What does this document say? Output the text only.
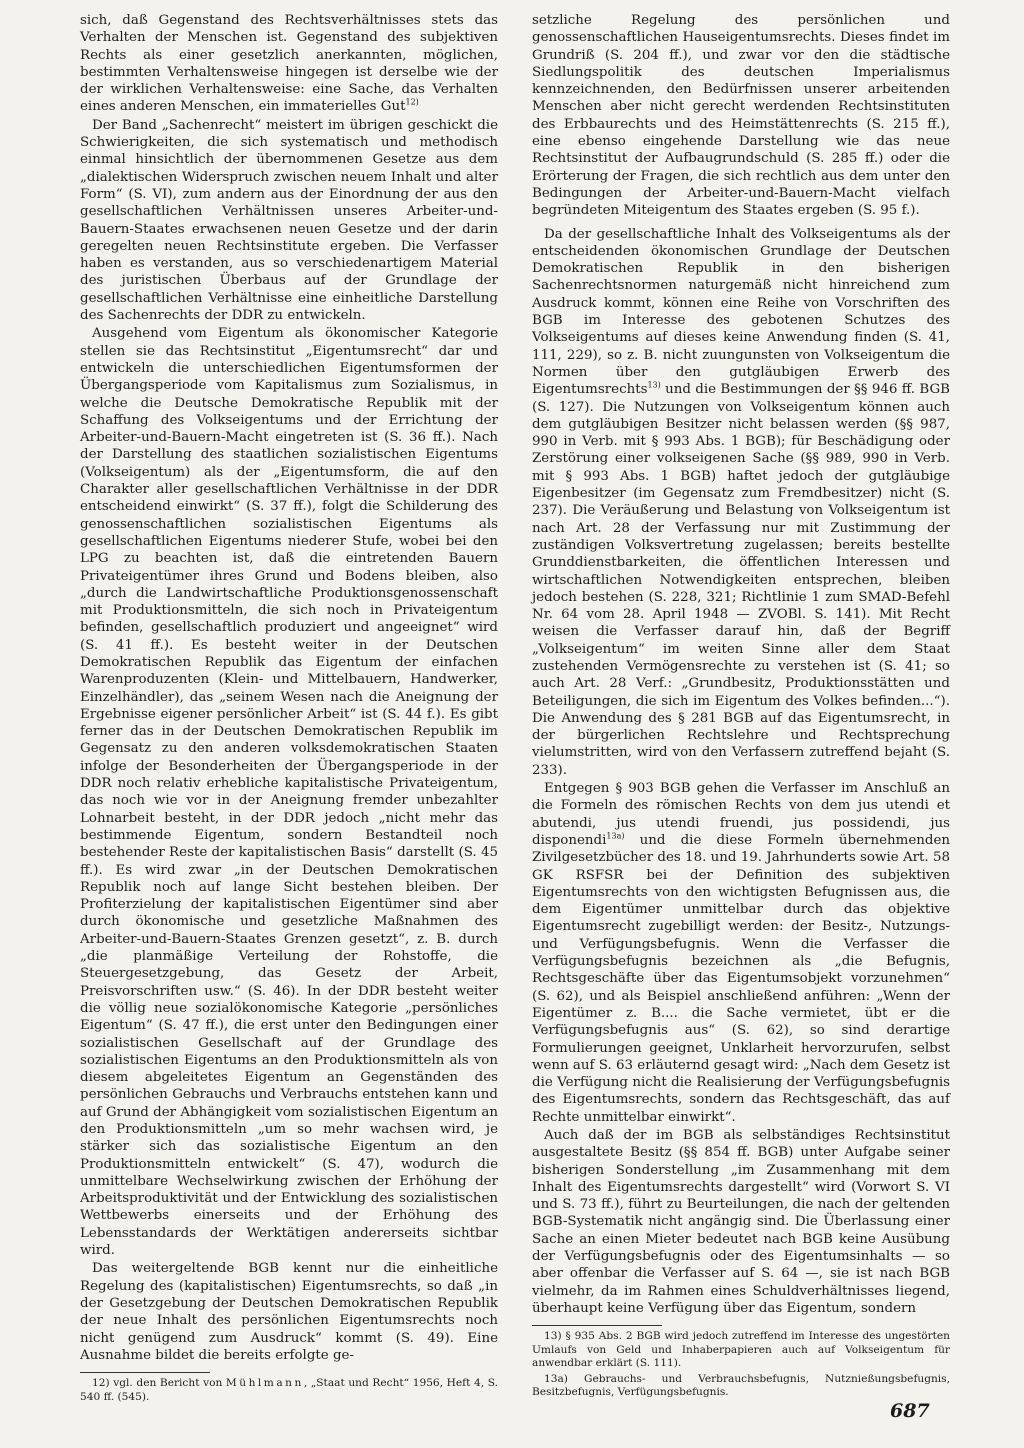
sich, daß Gegenstand des Rechtsverhältnisses stets das Verhalten der Menschen ist. Gegenstand des subjektiven Rechts als einer gesetzlich anerkannten, möglichen, bestimmten Verhaltensweise hingegen ist derselbe wie der der wirklichen Verhaltensweise: eine Sache, das Verhalten eines anderen Menschen, ein immaterielles Gut$^{12)}$

Der Band „Sachenrecht“ meistert im übrigen geschickt die Schwierigkeiten, die sich systematisch und methodisch einmal hinsichtlich der übernommenen Gesetze aus dem „dialektischen Widerspruch zwischen neuem Inhalt und alter Form“ (S. VI), zum andern aus der Einordnung der aus den gesellschaftlichen Verhältnissen unseres Arbeiter-und-Bauern-Staates erwachsenen neuen Gesetze und der darin geregelten neuen Rechtsinstitute ergeben. Die Verfasser haben es verstanden, aus so verschiedenartigem Material des juristischen Überbaus auf der Grundlage der gesellschaftlichen Verhältnisse eine einheitliche Darstellung des Sachenrechts der DDR zu entwickeln.

Ausgehend vom Eigentum als ökonomischer Kategorie stellen sie das Rechtsinstitut „Eigentumsrecht“ dar und entwickeln die unterschiedlichen Eigentumsformen der Übergangsperiode vom Kapitalismus zum Sozialismus, in welche die Deutsche Demokratische Republik mit der Schaffung des Volkseigentums und der Errichtung der Arbeiter-und-Bauern-Macht eingetreten ist (S. 36 ff.). Nach der Darstellung des staatlichen sozialistischen Eigentums (Volkseigentum) als der „Eigentumsform, die auf den Charakter aller gesellschaftlichen Verhältnisse in der DDR entscheidend einwirkt“ (S. 37 ff.), folgt die Schilderung des genossenschaftlichen sozialistischen Eigentums als gesellschaftlichen Eigentums niederer Stufe, wobei bei den LPG zu beachten ist, daß die eintretenden Bauern Privateigentümer ihres Grund und Bodens bleiben, also „durch die Landwirtschaftliche Produktionsgenossenschaft mit Produktionsmitteln, die sich noch in Privateigentum befinden, gesellschaftlich produziert und angeeignet“ wird (S. 41 ff.). Es besteht weiter in der Deutschen Demokratischen Republik das Eigentum der einfachen Warenproduzenten (Klein- und Mittelbauern, Handwerker, Einzelhändler), das „seinem Wesen nach die Aneignung der Ergebnisse eigener persönlicher Arbeit“ ist (S. 44 f.). Es gibt ferner das in der Deutschen Demokratischen Republik im Gegensatz zu den anderen volksdemokratischen Staaten infolge der Besonderheiten der Übergangsperiode in der DDR noch relativ erhebliche kapitalistische Privateigentum, das noch wie vor in der Aneignung fremder unbezahlter Lohnarbeit besteht, in der DDR jedoch „nicht mehr das bestimmende Eigentum, sondern Bestandteil noch bestehender Reste der kapitalistischen Basis“ darstellt (S. 45 ff.). Es wird zwar „in der Deutschen Demokratischen Republik noch auf lange Sicht bestehen bleiben. Der Profiterzielung der kapitalistischen Eigentümer sind aber durch ökonomische und gesetzliche Maßnahmen des Arbeiter-und-Bauern-Staates Grenzen gesetzt“, z. B. durch „die planmäßige Verteilung der Rohstoffe, die Steuergesetzgebung, das Gesetz der Arbeit, Preisvorschriften usw.“ (S. 46). In der DDR besteht weiter die völlig neue sozialökonomische Kategorie „persönliches Eigentum“ (S. 47 ff.), die erst unter den Bedingungen einer sozialistischen Gesellschaft auf der Grundlage des sozialistischen Eigentums an den Produktionsmitteln als von diesem abgeleitetes Eigentum an Gegenständen des persönlichen Gebrauchs und Verbrauchs entstehen kann und auf Grund der Abhängigkeit vom sozialistischen Eigentum an den Produktionsmitteln „um so mehr wachsen wird, je stärker sich das sozialistische Eigentum an den Produktionsmitteln entwickelt“ (S. 47), wodurch die unmittelbare Wechselwirkung zwischen der Erhöhung der Arbeitsproduktivität und der Entwicklung des sozialistischen Wettbewerbs einerseits und der Erhöhung des Lebensstandards der Werktätigen andererseits sichtbar wird.

Das weitergeltende BGB kennt nur die einheitliche Regelung des (kapitalistischen) Eigentumsrechts, so daß „in der Gesetzgebung der Deutschen Demokratischen Republik der neue Inhalt des persönlichen Eigentumsrechts noch nicht genügend zum Ausdruck“ kommt (S. 49). Eine Ausnahme bildet die bereits erfolgte ge-

12) vgl. den Bericht von Mühlmann, „Staat und Recht“ 1956, Heft 4, S. 540 ff. (545).

setzliche Regelung des persönlichen und genossenschaftlichen Hauseigentumsrechts. Dieses findet im Grundriß (S. 204 ff.), und zwar vor den die städtische Siedlungspolitik des deutschen Imperialismus kennzeichnenden, den Bedürfnissen unserer arbeitenden Menschen aber nicht gerecht werdenden Rechtsinstituten des Erbbaurechts und des Heimstättenrechts (S. 215 ff.), eine ebenso eingehende Darstellung wie das neue Rechtsinstitut der Aufbaugrundschuld (S. 285 ff.) oder die Erörterung der Fragen, die sich rechtlich aus dem unter den Bedingungen der Arbeiter-und-Bauern-Macht vielfach begründeten Miteigentum des Staates ergeben (S. 95 f.).

Da der gesellschaftliche Inhalt des Volkseigentums als der entscheidenden ökonomischen Grundlage der Deutschen Demokratischen Republik in den bisherigen Sachenrechtsnormen naturgemäß nicht hinreichend zum Ausdruck kommt, können eine Reihe von Vorschriften des BGB im Interesse des gebotenen Schutzes des Volkseigentums auf dieses keine Anwendung finden (S. 41, 111, 229), so z. B. nicht zuungunsten von Volkseigentum die Normen über den gutgläubigen Erwerb des Eigentumsrechts$^{13)}$ und die Bestimmungen der §§ 946 ff. BGB (S. 127). Die Nutzungen von Volkseigentum können auch dem gutgläubigen Besitzer nicht belassen werden (§§ 987, 990 in Verb. mit § 993 Abs. 1 BGB); für Beschädigung oder Zerstörung einer volkseigenen Sache (§§ 989, 990 in Verb. mit § 993 Abs. 1 BGB) haftet jedoch der gutgläubige Eigenbesitzer (im Gegensatz zum Fremdbesitzer) nicht (S. 237). Die Veräußerung und Belastung von Volkseigentum ist nach Art. 28 der Verfassung nur mit Zustimmung der zuständigen Volksvertretung zugelassen; bereits bestellte Grunddienstbarkeiten, die öffentlichen Interessen und wirtschaftlichen Notwendigkeiten entsprechen, bleiben jedoch bestehen (S. 228, 321; Richtlinie 1 zum SMAD-Befehl Nr. 64 vom 28. April 1948 — ZVOBl. S. 141). Mit Recht weisen die Verfasser darauf hin, daß der Begriff „Volkseigentum“ im weiten Sinne aller dem Staat zustehenden Vermögensrechte zu verstehen ist (S. 41; so auch Art. 28 Verf.: „Grundbesitz, Produktionsstätten und Beteiligungen, die sich im Eigentum des Volkes befinden...“). Die Anwendung des § 281 BGB auf das Eigentumsrecht, in der bürgerlichen Rechtslehre und Rechtsprechung vielumstritten, wird von den Verfassern zutreffend bejaht (S. 233).

Entgegen § 903 BGB gehen die Verfasser im Anschluß an die Formeln des römischen Rechts von dem jus utendi et abutendi, jus utendi fruendi, jus possidendi, jus disponendi$^{13a)}$ und die diese Formeln übernehmenden Zivilgesetzbücher des 18. und 19. Jahrhunderts sowie Art. 58 GK RSFSR bei der Definition des subjektiven Eigentumsrechts von den wichtigsten Befugnissen aus, die dem Eigentümer unmittelbar durch das objektive Eigentumsrecht zugebilligt werden: der Besitz-, Nutzungs- und Verfügungsbefugnis. Wenn die Verfasser die Verfügungsbefugnis bezeichnen als „die Befugnis, Rechtsgeschäfte über das Eigentumsobjekt vorzunehmen“ (S. 62), und als Beispiel anschließend anführen: „Wenn der Eigentümer z. B.... die Sache vermietet, übt er die Verfügungsbefugnis aus“ (S. 62), so sind derartige Formulierungen geeignet, Unklarheit hervorzurufen, selbst wenn auf S. 63 erläuternd gesagt wird: „Nach dem Gesetz ist die Verfügung nicht die Realisierung der Verfügungsbefugnis des Eigentumsrechts, sondern das Rechtsgeschäft, das auf Rechte unmittelbar einwirkt“.

Auch daß der im BGB als selbständiges Rechtsinstitut ausgestaltete Besitz (§§ 854 ff. BGB) unter Aufgabe seiner bisherigen Sonderstellung „im Zusammenhang mit dem Inhalt des Eigentumsrechts dargestellt“ wird (Vorwort S. VI und S. 73 ff.), führt zu Beurteilungen, die nach der geltenden BGB-Systematik nicht angängig sind. Die Überlassung einer Sache an einen Mieter bedeutet nach BGB keine Ausübung der Verfügungsbefugnis oder des Eigentumsinhalts — so aber offenbar die Verfasser auf S. 64 —, sie ist nach BGB vielmehr, da im Rahmen eines Schuldverhältnisses liegend, überhaupt keine Verfügung über das Eigentum, sondern

13) § 935 Abs. 2 BGB wird jedoch zutreffend im Interesse des ungestörten Umlaufs von Geld und Inhaberpapieren auch auf Volkseigentum für anwendbar erklärt (S. 111).

13a) Gebrauchs- und Verbrauchsbefugnis, Nutznießungsbefugnis, Besitzbefugnis, Verfügungsbefugnis.

687
